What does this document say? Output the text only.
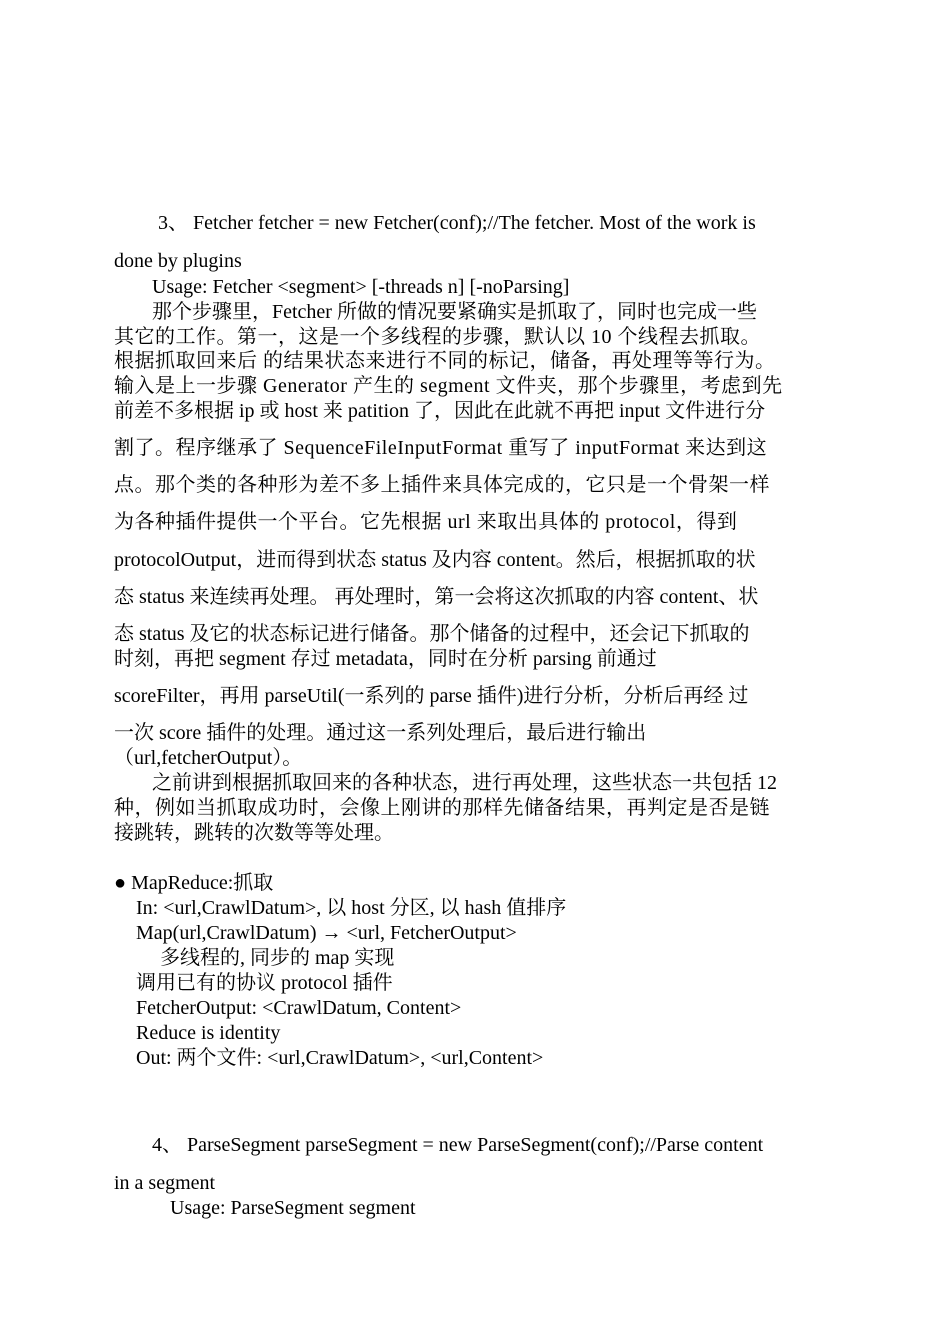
3、 Fetcher fetcher = new Fetcher(conf);//The fetcher. Most of the work is
done by plugins
Usage: Fetcher <segment> [-threads n] [-noParsing]
那个步骤里，Fetcher 所做的情况要紧确实是抓取了，同时也完成一些
其它的工作。第一，这是一个多线程的步骤，默认以 10 个线程去抓取。
根据抓取回来后 的结果状态来进行不同的标记，储备，再处理等等行为。
输入是上一步骤 Generator 产生的 segment 文件夹，那个步骤里，考虑到先
前差不多根据 ip 或 host 来 patition 了，因此在此就不再把 input 文件进行分
割了。程序继承了 SequenceFileInputFormat 重写了 inputFormat 来达到这
点。那个类的各种形为差不多上插件来具体完成的，它只是一个骨架一样
为各种插件提供一个平台。它先根据 url 来取出具体的 protocol，得到
protocolOutput，进而得到状态 status 及内容 content。然后，根据抓取的状
态 status 来连续再处理。 再处理时，第一会将这次抓取的内容 content、状
态 status 及它的状态标记进行储备。那个储备的过程中，还会记下抓取的
时刻，再把 segment 存过 metadata，同时在分析 parsing 前通过
scoreFilter，再用 parseUtil(一系列的 parse 插件)进行分析，分析后再经 过
一次 score 插件的处理。通过这一系列处理后，最后进行输出
（url,fetcherOutput）。
之前讲到根据抓取回来的各种状态，进行再处理，这些状态一共包括 12
种，例如当抓取成功时，会像上刚讲的那样先储备结果，再判定是否是链
接跳转，跳转的次数等等处理。
● MapReduce:抓取
In: <url,CrawlDatum>, 以 host 分区, 以 hash 值排序
Map(url,CrawlDatum) → <url, FetcherOutput>
多线程的, 同步的 map 实现
调用已有的协议 protocol 插件
FetcherOutput: <CrawlDatum, Content>
Reduce is identity
Out: 两个文件: <url,CrawlDatum>, <url,Content>
4、 ParseSegment parseSegment = new ParseSegment(conf);//Parse content
in a segment
Usage: ParseSegment segment
